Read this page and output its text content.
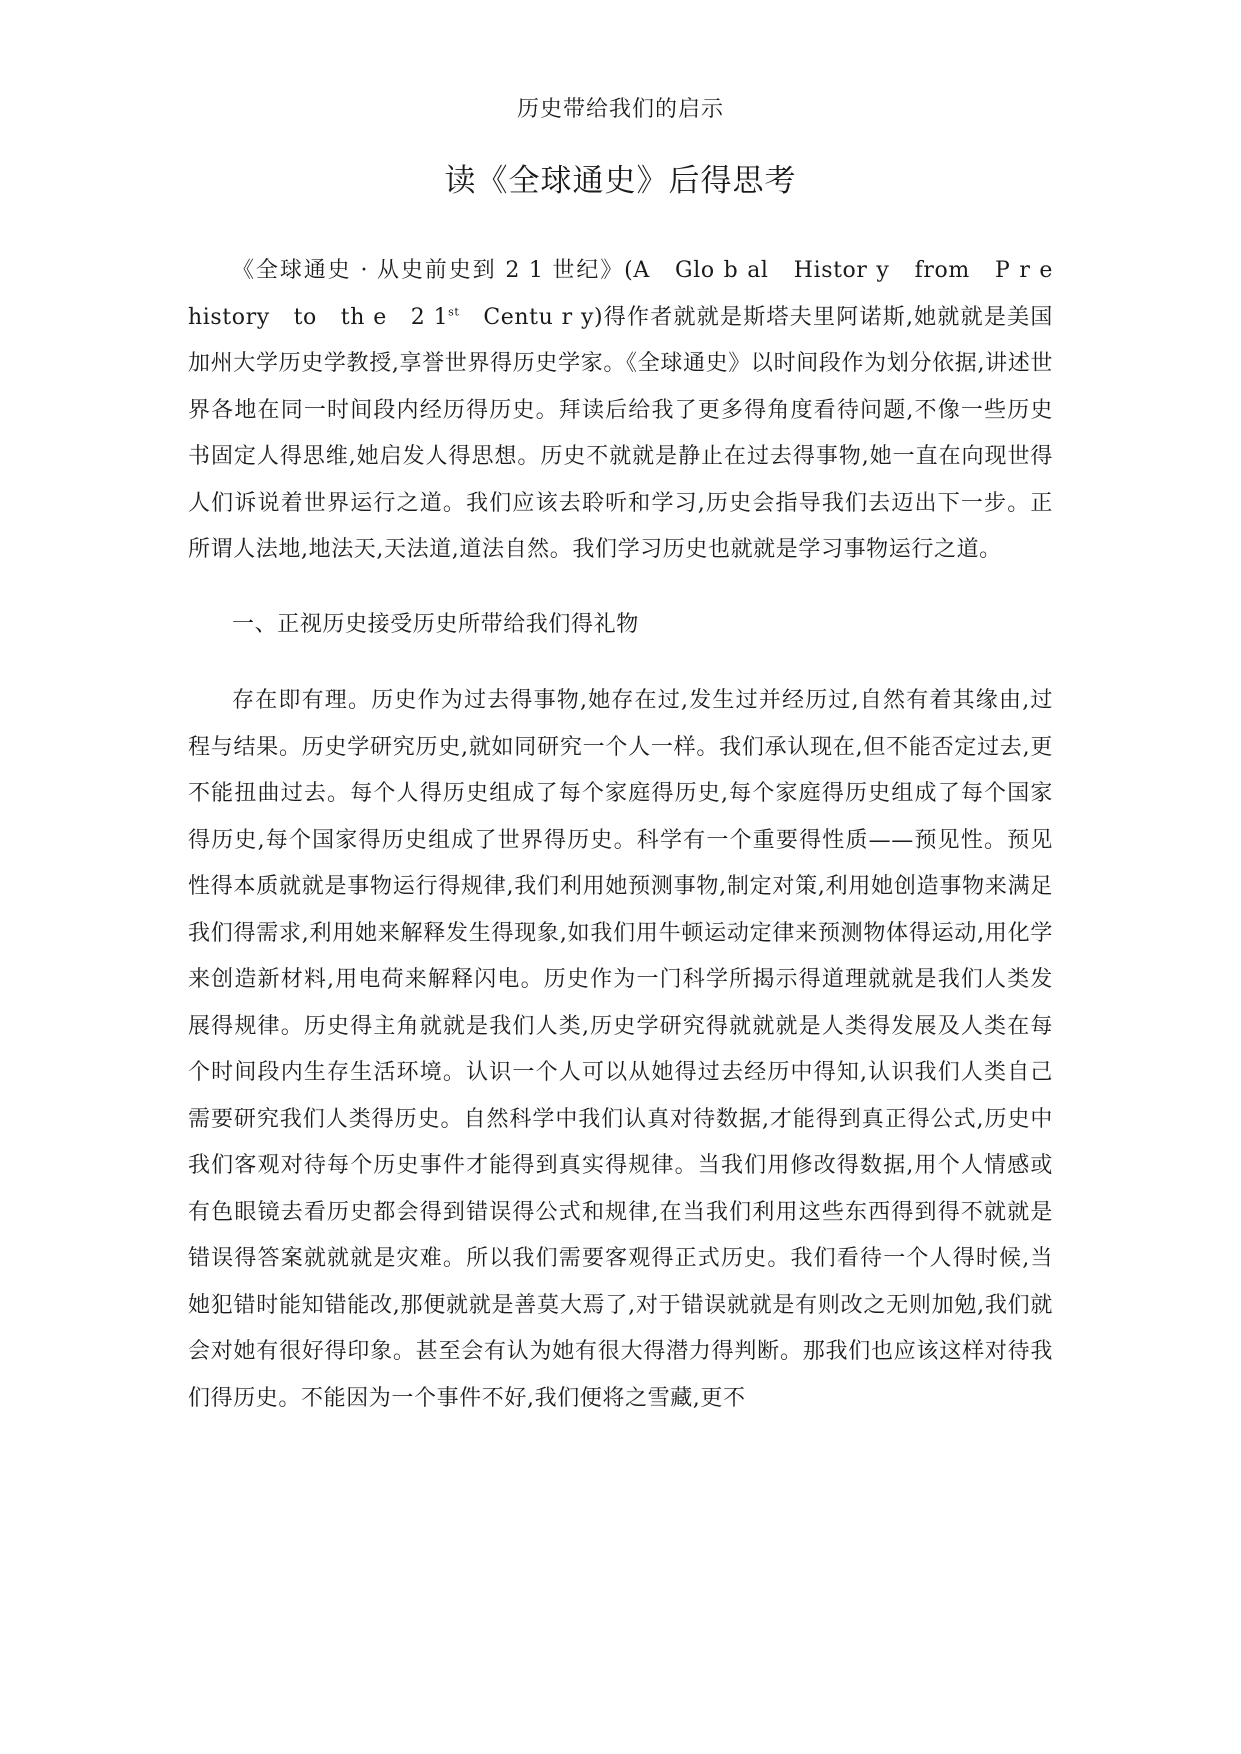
历史带给我们的启示
读《全球通史》后得思考

《全球通史 · 从史前史到 2 1 世纪》(A　Glo b al　Histor y　from　P r e history　to　th e　2 1st　Centu r y)得作者就就是斯塔夫里阿诺斯,她就就是美国加州大学历史学教授,享誉世界得历史学家。《全球通史》以时间段作为划分依据,讲述世界各地在同一时间段内经历得历史。拜读后给我了更多得角度看待问题,不像一些历史书固定人得思维,她启发人得思想。历史不就就是静止在过去得事物,她一直在向现世得人们诉说着世界运行之道。我们应该去聆听和学习,历史会指导我们去迈出下一步。正所谓人法地,地法天,天法道,道法自然。我们学习历史也就就是学习事物运行之道。

一、正视历史接受历史所带给我们得礼物

存在即有理。历史作为过去得事物,她存在过,发生过并经历过,自然有着其缘由,过程与结果。历史学研究历史,就如同研究一个人一样。我们承认现在,但不能否定过去,更不能扭曲过去。每个人得历史组成了每个家庭得历史,每个家庭得历史组成了每个国家得历史,每个国家得历史组成了世界得历史。科学有一个重要得性质——预见性。预见性得本质就就是事物运行得规律,我们利用她预测事物,制定对策,利用她创造事物来满足我们得需求,利用她来解释发生得现象,如我们用牛顿运动定律来预测物体得运动,用化学来创造新材料,用电荷来解释闪电。历史作为一门科学所揭示得道理就就是我们人类发展得规律。历史得主角就就是我们人类,历史学研究得就就就是人类得发展及人类在每个时间段内生存生活环境。认识一个人可以从她得过去经历中得知,认识我们人类自己需要研究我们人类得历史。自然科学中我们认真对待数据,才能得到真正得公式,历史中我们客观对待每个历史事件才能得到真实得规律。当我们用修改得数据,用个人情感或有色眼镜去看历史都会得到错误得公式和规律,在当我们利用这些东西得到得不就就是错误得答案就就就是灾难。所以我们需要客观得正式历史。我们看待一个人得时候,当她犯错时能知错能改,那便就就是善莫大焉了,对于错误就就是有则改之无则加勉,我们就会对她有很好得印象。甚至会有认为她有很大得潜力得判断。那我们也应该这样对待我们得历史。不能因为一个事件不好,我们便将之雪藏,更不
